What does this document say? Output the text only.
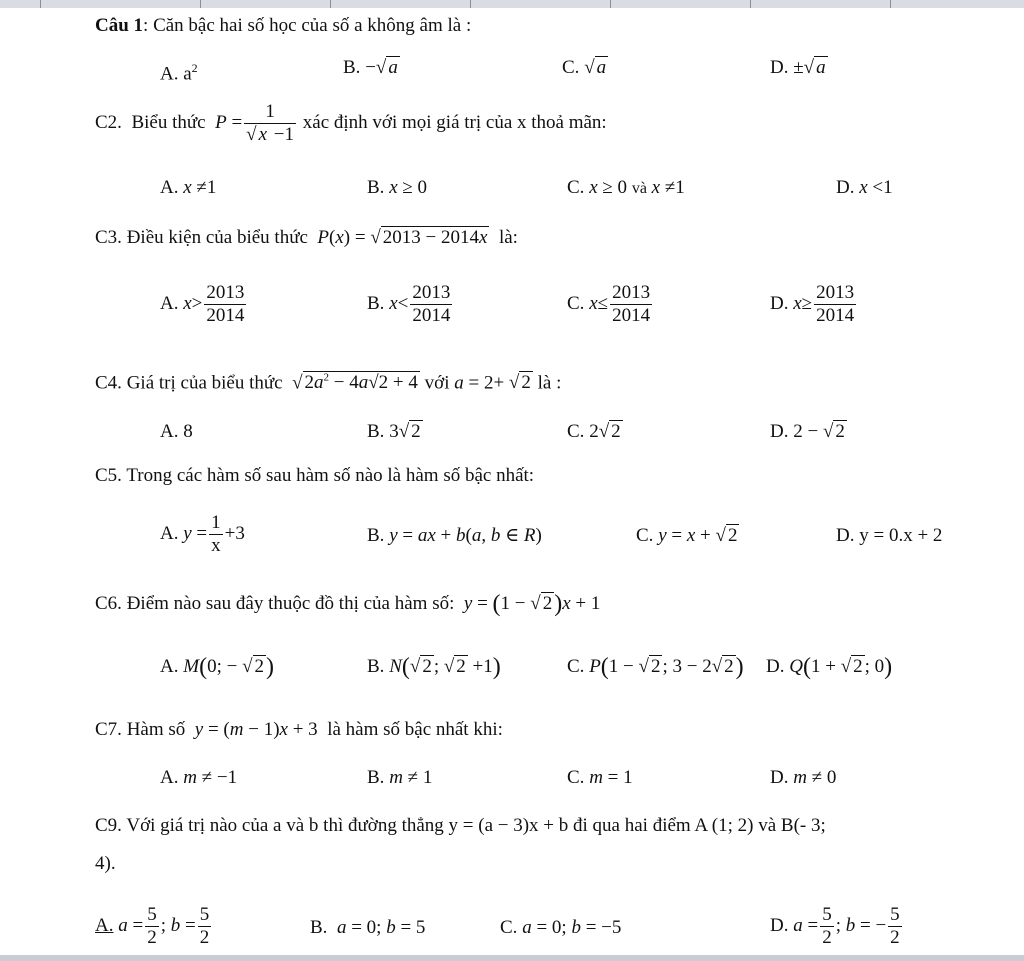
Câu 1: Căn bậc hai số học của số a không âm là :
A. $a^2$	B. −√ a	C. √ a	D. ±√ a
C2. Biểu thức $P = \frac{1}{√ x -1}$ xác định với mọi giá trị của x thoả mãn:
A. x ≠1	B. x ≥ 0	C. x ≥ 0 và x ≠1	D. x <1
C3. Điều kiện của biểu thức P(x) = √ 2013 − 2014x là:
A. $x> \frac{2013}{2014}$	B. $x< \frac{2013}{2014}$	C. $x\le \frac{2013}{2014}$	D. $x\ge \frac{2013}{2014}$
C4. Giá trị của biểu thức √ $2a^2 - 4a√2 + 4$ với a = 2+ √ 2 là :
A. 8	B. 3√ 2	C. 2√ 2	D. 2 − √ 2
C5. Trong các hàm số sau hàm số nào là hàm số bậc nhất:
A. $y = \frac{1}{x} +3$	B. y = ax + b(a, b ∈ R)	C. y = x + √ 2	D. y = 0.x + 2
C6. Điểm nào sau đây thuộc đồ thị của hàm số: y = (1 − √ 2)x + 1
A. M(0; − √ 2)	B. N(√ 2 ; √ 2 +1)	C. P(1 − √ 2 ; 3 − 2√ 2) D. Q(1 + √ 2 ; 0)
C7. Hàm số y = (m − 1)x + 3  là hàm số bậc nhất khi:
A. m ≠ −1	B. m ≠ 1	C. m = 1	D. m ≠ 0
C9. Với giá trị nào của a và b thì đường thẳng y = (a − 3)x + b đi qua hai điểm A (1; 2) và B(- 3;
4).
A. $a = \frac{5}{2}$ ; $b = \frac{5}{2}$	B. a = 0; b = 5	C. a = 0; b = −5	D. $a = \frac{5}{2}$ ; b = − $\frac{5}{2}$
